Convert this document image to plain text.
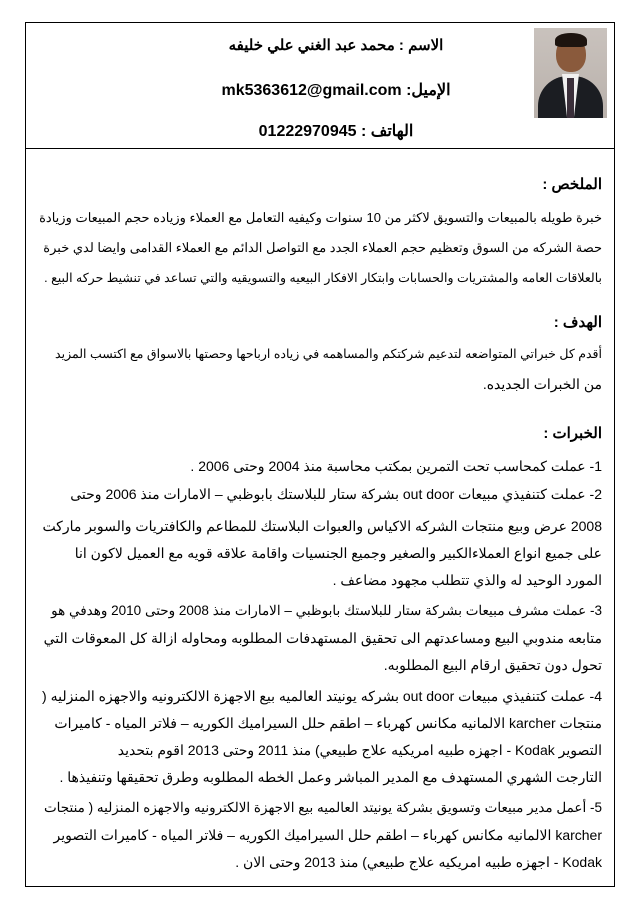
الاسم : محمد عبد الغني علي خليفه
الإميل: mk5363612@gmail.com
الهاتف : 01222970945
الملخص :
خبرة طويله بالمبيعات والتسويق لاكثر من 10 سنوات وكيفيه التعامل مع العملاء وزياده حجم المبيعات وزيادة
حصة الشركه من السوق وتعظيم حجم العملاء الجدد مع التواصل الدائم مع العملاء القدامى وايضا لدي خبرة
بالعلاقات العامه والمشتريات والحسابات وابتكار الافكار البيعيه والتسويقيه والتي تساعد في تنشيط حركه البيع .
الهدف :
أقدم كل خبراتي المتواضعه لتدعيم شركتكم والمساهمه في زياده ارباحها وحصتها بالاسواق مع اكتسب المزيد
من الخبرات الجديده.
الخبرات :
1- عملت كمحاسب تحت التمرين بمكتب محاسبة منذ 2004 وحتى 2006 .
2- عملت كتنفيذي مبيعات out door بشركة ستار للبلاستك بابوظبي – الامارات منذ 2006 وحتى
2008 عرض وبيع منتجات الشركه الاكياس والعبوات البلاستك للمطاعم والكافتريات والسوبر ماركت
على جميع انواع العملاءالكبير والصغير وجميع الجنسيات واقامة علاقه قويه مع العميل لاكون انا
المورد الوحيد له والذي تتطلب مجهود مضاعف .
3- عملت مشرف مبيعات بشركة ستار للبلاستك بابوظبي – الامارات منذ 2008 وحتى 2010 وهدفي هو
متابعه مندوبي البيع ومساعدتهم الى تحقيق المستهدفات المطلوبه ومحاوله ازالة كل المعوقات التي
تحول دون تحقيق ارقام البيع المطلوبه.
4- عملت كتنفيذي مبيعات out door بشركه يونيتد العالميه بيع الاجهزة الالكترونيه والاجهزه المنزليه (
منتجات karcher الالمانيه مكانس كهرباء – اطقم حلل السيراميك الكوريه – فلاتر المياه - كاميرات
التصوير Kodak - اجهزه طبيه امريكيه علاج طبيعي) منذ 2011 وحتى 2013 اقوم بتحديد
التارجت الشهري المستهدف مع المدير المباشر وعمل الخطه المطلوبه وطرق تحقيقها وتنفيذها .
5- أعمل مدير مبيعات وتسويق بشركة يونيتد العالميه بيع الاجهزة الالكترونيه والاجهزه المنزليه ( منتجات
karcher الالمانيه مكانس كهرباء – اطقم حلل السيراميك الكوريه – فلاتر المياه - كاميرات التصوير
Kodak - اجهزه طبيه امريكيه علاج طبيعي) منذ 2013 وحتى الان .
